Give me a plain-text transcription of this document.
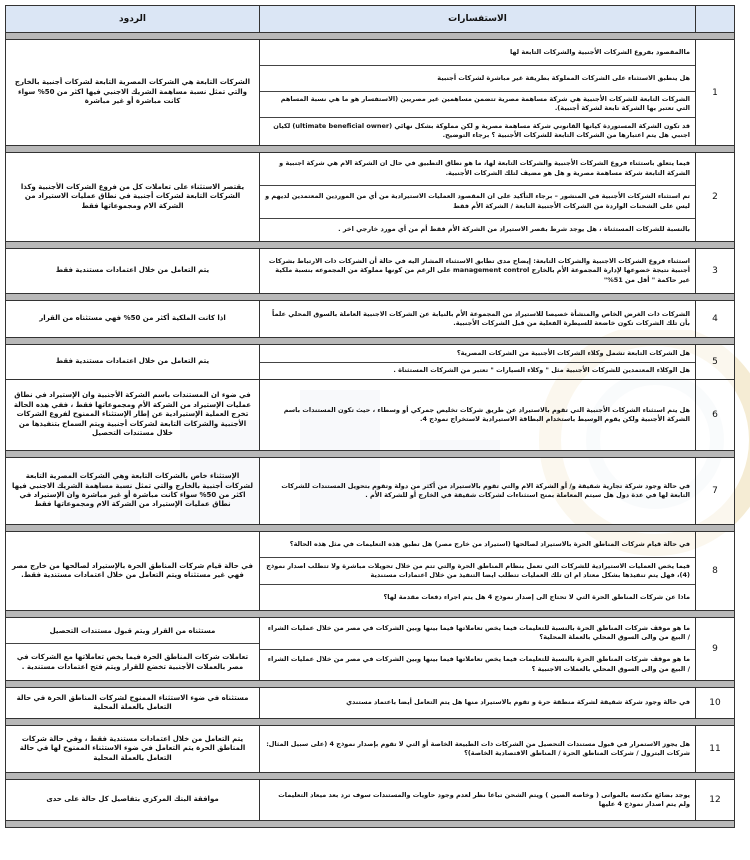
الاستفسارات
الردود
1
ماالمقصود بفروع الشركات الأجنبية والشركات التابعة لها
هل ينطبق الاستثناء على الشركات المملوكة بطريقة غير مباشرة لشركات أجنبية
الشركات التابعة للشركات الأجنبية هي شركة مساهمة مصرية تتضمن مساهمين غير مصريين (الاستفسار هو ما هي نسبة المساهم التي تعتبر بها الشركة تابعة لشركة أجنبية).
قد تكون الشركة المستوردة كيانها القانوني شركة مساهمة مصرية و لكن مملوكة بشكل نهائي (ultimate beneficial owner) لكيان اجنبي هل يتم اعتبارها من الشركات التابعة للشركات الأجنبية ؟ برجاء التوضيح.
الشركات التابعة هي الشركات المصرية التابعة لشركات أجنبية بالخارج والتي تمثل نسبة مساهمة الشريك الاجنبي فيها اكثر من 50% سواء كانت مباشرة أو غير مباشرة
2
فيما يتعلق باستثناء فروع الشركات الأجنبية والشركات التابعة لها، ما هو نطاق التطبيق في حال ان الشركة الام هي شركة اجنبية و الشركة التابعة شركة مساهمة مصرية و هل هو مضيف لتلك الشركات الأجنبية.
تم استثناء الشركات الأجنبية في المنشور – برجاء التأكيد على ان المقصود العمليات الاستيرادية من أي من الموردين المعتمدين لديهم و ليس على الشحنات الواردة من الشركات الأجنبية التابعة / الشركة الأم فقط
بالنسبة للشركات المستثناة ، هل يوجد شرط بقصر الاستيراد من الشركة الأم فقط أم من أي مورد خارجي اخر .
يقتصر الاستثناء على تعاملات كل من فروع الشركات الأجنبية وكذا الشركات التابعة لشركات أجنبية في نطاق عمليات الاستيراد من الشركة الام ومجموعاتها فقط
3
استثناء فروع الشركات الاجنبية والشركات التابعة: إيضاح مدى تطابق الاستثناء المشار اليه في حالة أن الشركات ذات الارتباط بشركات أجنبية نتيجة خضوعها لإدارة المجموعة الأم بالخارج management control على الرغم من كونها مملوكة من المجموعه بنسبة ملكية غير حاكمة " أقل من 51%"
يتم التعامل من خلال اعتمادات مستندية فقط
4
الشركات ذات الغرض الخاص والمنشأة خصيصا للاستيراد من المجموعة الأم بالنيابة عن الشركات الاجنبية العاملة بالسوق المحلي علماً بأن تلك الشركات تكون خاضعة للسيطرة الفعلية من قبل الشركات الأجنبية.
اذا كانت الملكية أكثر من 50% فهي مستثناه من القرار
5
هل الشركات التابعة تشمل وكلاء الشركات الأجنبية من الشركات المصرية؟
هل الوكلاء المعتمدين للشركات الأجنبية مثل " وكلاء السيارات " تعتبر من الشركات المستثناة .
يتم التعامل من خلال اعتمادات مستندية فقط
6
هل يتم استثناء الشركات الأجنبية التي تقوم بالاستيراد عن طريق شركات تخليص جمركي أو وسطاء ، حيث تكون المستندات باسم الشركة الأجنبية ولكن يقوم الوسيط باستخدام البطاقة الاستيرادية لاستخراج نموذج 4.
في ضوء ان المستندات باسم الشركة الأجنبية وان الإستيراد في نطاق عمليات الإستيراد من الشركة الأم ومجموعاتها فقط ، ففي هذه الحالة تخرج العملية الإستيرادية عن إطار الإستثناء الممنوح لفروع الشركات الأجنبية والشركات التابعة لشركات أجنبية ويتم السماح بتنفيذها من خلال مستندات التحصيل
7
في حالة وجود شركة تجارية شقيقة و/ أو الشركة الام والتي تقوم بالاستيراد من أكثر من دولة وتقوم بتحويل المستندات للشركات التابعة لها في عدة دول هل سيتم المعاملة بمنح استثناءات لشركات شقيقة في الخارج أو للشركة الأم .
الإستثناء خاص بالشركات التابعة وهي الشركات المصرية التابعة لشركات أجنبية بالخارج والتي تمثل نسبة مساهمة الشريك الاجنبي فيها اكثر من 50% سواء كانت مباشرة أو غير مباشرة وان الإستيراد في نطاق عمليات الإستيراد من الشركة الام ومجموعاتها فقط
8
في حالة قيام شركات المناطق الحرة بالاستيراد لصالحها (استيراد من خارج مصر) هل تطبق هذه التعليمات في مثل هذه الحالة؟
فيما يخص العمليات الاستيرادية للشركات التي تعمل بنظام المناطق الحرة والتي تتم من خلال تحويلات مباشرة ولا تتطلب اصدار نموذج (4)، فهل يتم تنفيذها بشكل معتاد ام ان تلك العمليات تتطلب ايضا التنفيذ من خلال اعتمادات مستندية
ماذا عن شركات المناطق الحرة التي لا تحتاج الى إصدار نموذج 4 هل يتم اجراء دفعات مقدمة لها؟
في حالة قيام شركات المناطق الحرة بالإستيراد لصالحها من خارج مصر فهي غير مستثناه ويتم التعامل من خلال اعتمادات مستندية فقط.
9
ما هو موقف شركات المناطق الحرة بالنسبة للتعليمات فيما يخص تعاملاتها فيما بينها وبين الشركات في مصر من خلال عمليات الشراء / البيع من والى السوق المحلي بالعملة المحلية؟
ما هو موقف شركات المناطق الحرة بالنسبة للتعليمات فيما يخص تعاملاتها فيما بينها وبين الشركات في مصر من خلال عمليات الشراء / البيع من والى السوق المحلي بالعملات الاجنبية ؟
مستثناه من القرار ويتم قبول مستندات التحصيل
تعاملات شركات المناطق الحرة فيما يخص تعاملاتها مع الشركات في مصر بالعملات الأجنبية تخضع للقرار ويتم فتح اعتمادات مستندية .
10
في حالة وجود شركة شقيقة لشركة منطقة حرة و تقوم بالاستيراد منها هل يتم التعامل أيضا باعتماد مستندي
مستثناه في ضوء الاستثناء الممنوح لشركات المناطق الحرة في حالة التعامل بالعملة المحلية
11
هل يجوز الاستمرار في قبول مستندات التحصيل من الشركات ذات الطبيعة الخاصة أو التي لا تقوم بإصدار نموذج 4 (على سبيل المثال: شركات البترول / شركات المناطق الحرة / المناطق الاقتصادية الخاصة)؟
يتم التعامل من خلال اعتمادات مستندية فقط ، وفي حالة شركات المناطق الحرة يتم التعامل في ضوء الاستثناء الممنوح لها في حالة التعامل بالعملة المحلية
12
يوجد بضائع مكدسه بالموانى ( وخاصه الصين ) ويتم الشحن تباعا نظر لعدم وجود حاويات والمستندات سوف ترد بعد ميعاد التعليمات ولم يتم اصدار نموذج 4 عليها
موافقة البنك المركزي بتفاصيل كل حالة على حدى
